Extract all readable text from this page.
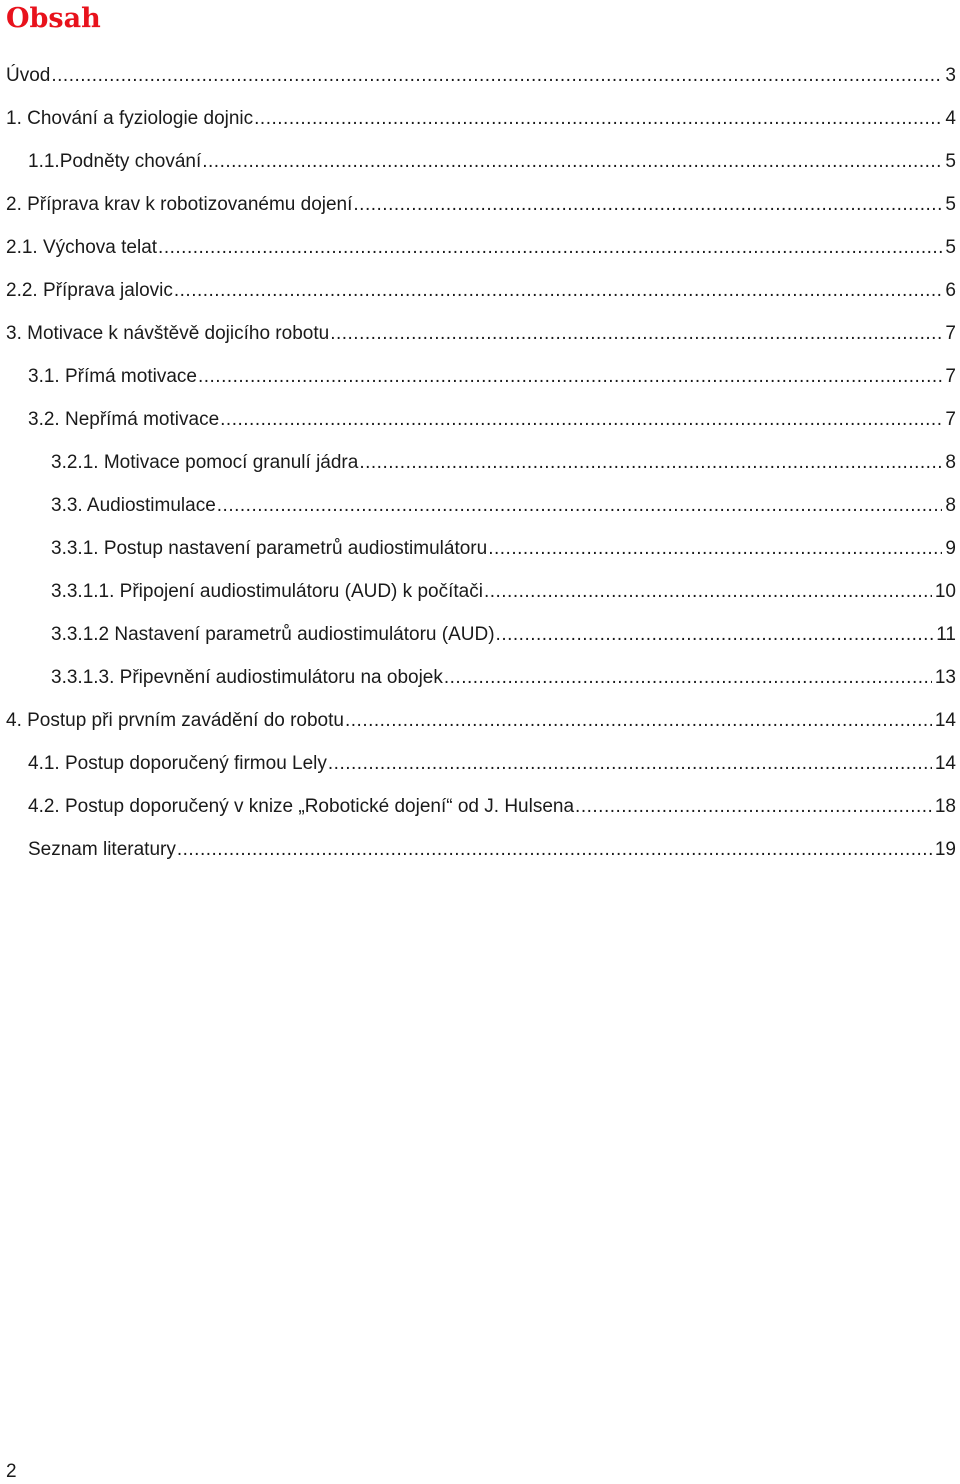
Obsah
Úvod .....	3
1. Chování a fyziologie dojnic .....	4
1.1.Podněty chování .....	5
2. Příprava krav k robotizovanému dojení .....	5
2.1. Výchova telat .....	5
2.2. Příprava jalovic .....	6
3. Motivace k návštěvě dojicího robotu .....	7
3.1. Přímá motivace .....	7
3.2. Nepřímá motivace .....	7
3.2.1. Motivace pomocí granulí jádra .....	8
3.3. Audiostimulace .....	8
3.3.1. Postup nastavení parametrů audiostimulátoru .....	9
3.3.1.1. Připojení audiostimulátoru (AUD) k počítači .....	10
3.3.1.2 Nastavení parametrů audiostimulátoru (AUD) .....	11
3.3.1.3. Připevnění audiostimulátoru na obojek .....	13
4. Postup při prvním zavádění do robotu .....	14
4.1. Postup doporučený firmou Lely .....	14
4.2. Postup doporučený v knize „Robotické dojení“ od J. Hulsena .....	18
Seznam literatury .....	19
2
